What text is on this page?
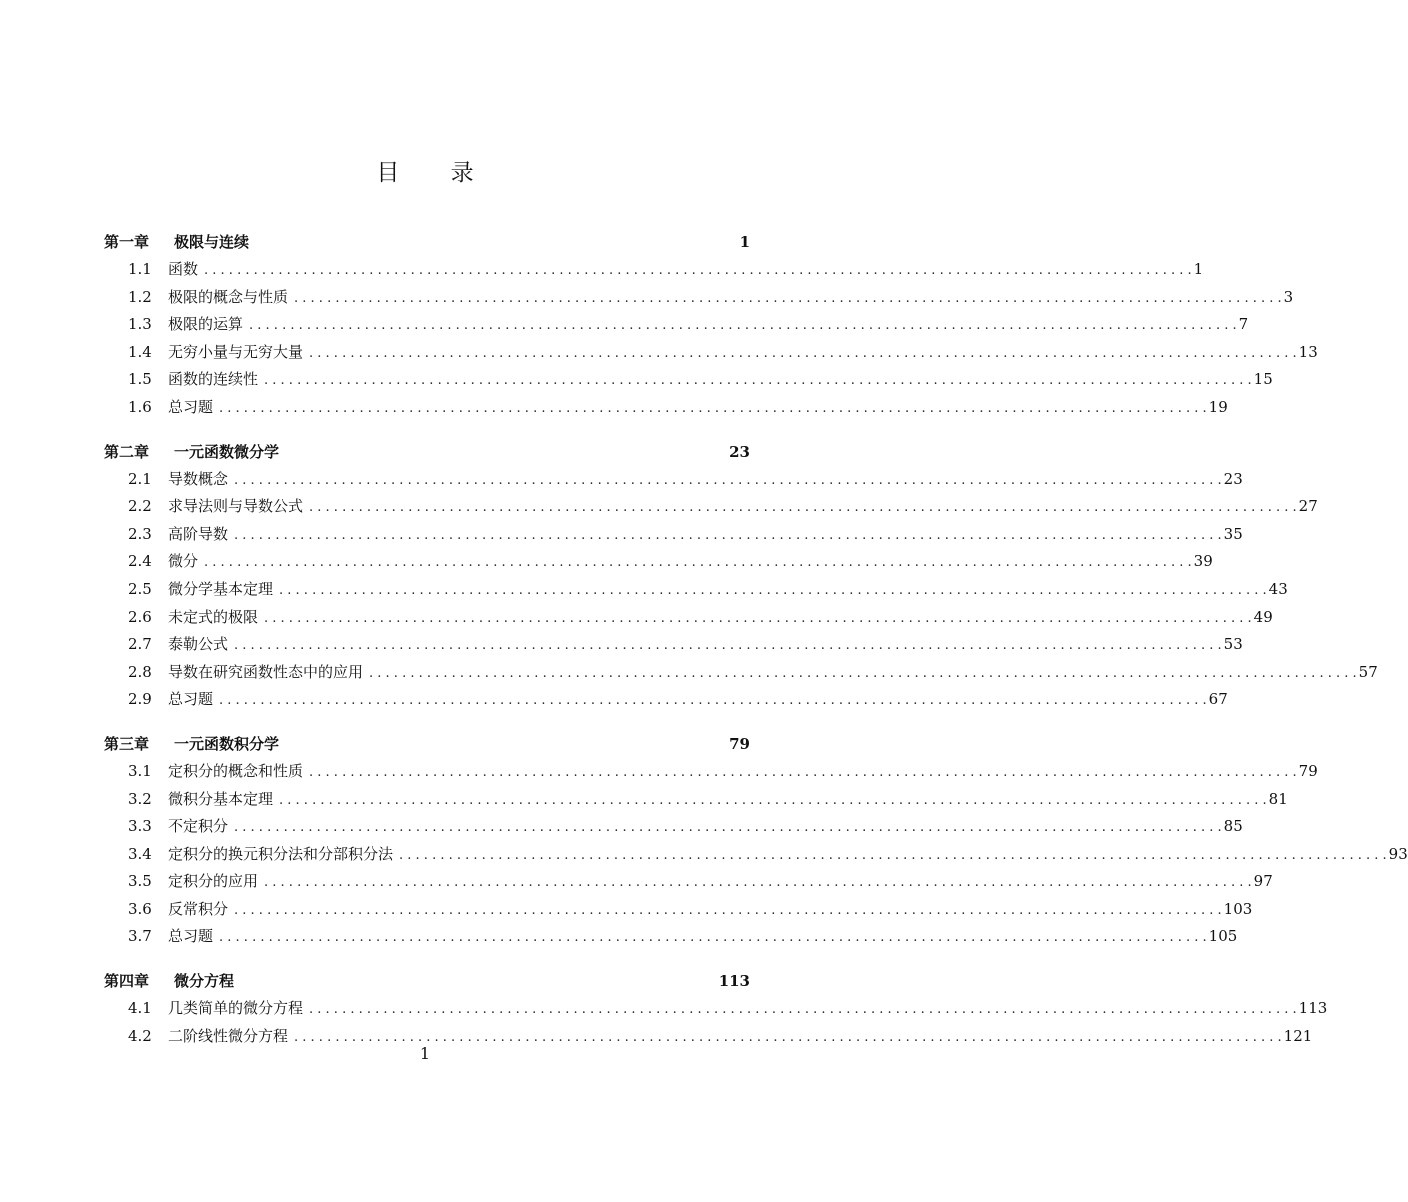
目 录
第一章	极限与连续	1
1.1	函数 . . . . . . . . . . . . . . . . . . . . . . . . . . . . . . . . . . . . . . . . . . . . . . . . . . . . . . . . . . . . . . . . . . . . . . . . . . . . . . . . . . . . . . . . . . . . . . . . . . . . . . . . . . . . . . . . . . . . . . . . 1
1.2	极限的概念与性质 . . . . . . . . . . . . . . . . . . . . . . . . . . . . . . . . . . . . . . . . . . . . . . . . . . . . . . . . . . . . . . . . . . . . . . . . . . . . . . . . . . . . . . . . . . . . . . . . . . . . . . . . . . . . . . . . . . . . . . . . 3
1.3	极限的运算 . . . . . . . . . . . . . . . . . . . . . . . . . . . . . . . . . . . . . . . . . . . . . . . . . . . . . . . . . . . . . . . . . . . . . . . . . . . . . . . . . . . . . . . . . . . . . . . . . . . . . . . . . . . . . . . . . . . . . . . . 7
1.4	无穷小量与无穷大量 . . . . . . . . . . . . . . . . . . . . . . . . . . . . . . . . . . . . . . . . . . . . . . . . . . . . . . . . . . . . . . . . . . . . . . . . . . . . . . . . . . . . . . . . . . . . . . . . . . . . . . . . . . . . . . . . . . . . . . . . 13
1.5	函数的连续性 . . . . . . . . . . . . . . . . . . . . . . . . . . . . . . . . . . . . . . . . . . . . . . . . . . . . . . . . . . . . . . . . . . . . . . . . . . . . . . . . . . . . . . . . . . . . . . . . . . . . . . . . . . . . . . . . . . . . . . . . 15
1.6	总习题 . . . . . . . . . . . . . . . . . . . . . . . . . . . . . . . . . . . . . . . . . . . . . . . . . . . . . . . . . . . . . . . . . . . . . . . . . . . . . . . . . . . . . . . . . . . . . . . . . . . . . . . . . . . . . . . . . . . . . . . . 19
第二章	一元函数微分学	23
2.1	导数概念 . . . . . . . . . . . . . . . . . . . . . . . . . . . . . . . . . . . . . . . . . . . . . . . . . . . . . . . . . . . . . . . . . . . . . . . . . . . . . . . . . . . . . . . . . . . . . . . . . . . . . . . . . . . . . . . . . . . . . . . . 23
2.2	求导法则与导数公式 . . . . . . . . . . . . . . . . . . . . . . . . . . . . . . . . . . . . . . . . . . . . . . . . . . . . . . . . . . . . . . . . . . . . . . . . . . . . . . . . . . . . . . . . . . . . . . . . . . . . . . . . . . . . . . . . . . . . . . . . 27
2.3	高阶导数 . . . . . . . . . . . . . . . . . . . . . . . . . . . . . . . . . . . . . . . . . . . . . . . . . . . . . . . . . . . . . . . . . . . . . . . . . . . . . . . . . . . . . . . . . . . . . . . . . . . . . . . . . . . . . . . . . . . . . . . . 35
2.4	微分 . . . . . . . . . . . . . . . . . . . . . . . . . . . . . . . . . . . . . . . . . . . . . . . . . . . . . . . . . . . . . . . . . . . . . . . . . . . . . . . . . . . . . . . . . . . . . . . . . . . . . . . . . . . . . . . . . . . . . . . . 39
2.5	微分学基本定理 . . . . . . . . . . . . . . . . . . . . . . . . . . . . . . . . . . . . . . . . . . . . . . . . . . . . . . . . . . . . . . . . . . . . . . . . . . . . . . . . . . . . . . . . . . . . . . . . . . . . . . . . . . . . . . . . . . . . . . . . 43
2.6	未定式的极限 . . . . . . . . . . . . . . . . . . . . . . . . . . . . . . . . . . . . . . . . . . . . . . . . . . . . . . . . . . . . . . . . . . . . . . . . . . . . . . . . . . . . . . . . . . . . . . . . . . . . . . . . . . . . . . . . . . . . . . . . 49
2.7	泰勒公式 . . . . . . . . . . . . . . . . . . . . . . . . . . . . . . . . . . . . . . . . . . . . . . . . . . . . . . . . . . . . . . . . . . . . . . . . . . . . . . . . . . . . . . . . . . . . . . . . . . . . . . . . . . . . . . . . . . . . . . . . 53
2.8	导数在研究函数性态中的应用 . . . . . . . . . . . . . . . . . . . . . . . . . . . . . . . . . . . . . . . . . . . . . . . . . . . . . . . . . . . . . . . . . . . . . . . . . . . . . . . . . . . . . . . . . . . . . . . . . . . . . . . . . . . . . . . . . . . . . . . . 57
2.9	总习题 . . . . . . . . . . . . . . . . . . . . . . . . . . . . . . . . . . . . . . . . . . . . . . . . . . . . . . . . . . . . . . . . . . . . . . . . . . . . . . . . . . . . . . . . . . . . . . . . . . . . . . . . . . . . . . . . . . . . . . . . 67
第三章	一元函数积分学	79
3.1	定积分的概念和性质 . . . . . . . . . . . . . . . . . . . . . . . . . . . . . . . . . . . . . . . . . . . . . . . . . . . . . . . . . . . . . . . . . . . . . . . . . . . . . . . . . . . . . . . . . . . . . . . . . . . . . . . . . . . . . . . . . . . . . . . . 79
3.2	微积分基本定理 . . . . . . . . . . . . . . . . . . . . . . . . . . . . . . . . . . . . . . . . . . . . . . . . . . . . . . . . . . . . . . . . . . . . . . . . . . . . . . . . . . . . . . . . . . . . . . . . . . . . . . . . . . . . . . . . . . . . . . . . 81
3.3	不定积分 . . . . . . . . . . . . . . . . . . . . . . . . . . . . . . . . . . . . . . . . . . . . . . . . . . . . . . . . . . . . . . . . . . . . . . . . . . . . . . . . . . . . . . . . . . . . . . . . . . . . . . . . . . . . . . . . . . . . . . . . 85
3.4	定积分的换元积分法和分部积分法 . . . . . . . . . . . . . . . . . . . . . . . . . . . . . . . . . . . . . . . . . . . . . . . . . . . . . . . . . . . . . . . . . . . . . . . . . . . . . . . . . . . . . . . . . . . . . . . . . . . . . . . . . . . . . . . . . . . . . . . . 93
3.5	定积分的应用 . . . . . . . . . . . . . . . . . . . . . . . . . . . . . . . . . . . . . . . . . . . . . . . . . . . . . . . . . . . . . . . . . . . . . . . . . . . . . . . . . . . . . . . . . . . . . . . . . . . . . . . . . . . . . . . . . . . . . . . . 97
3.6	反常积分 . . . . . . . . . . . . . . . . . . . . . . . . . . . . . . . . . . . . . . . . . . . . . . . . . . . . . . . . . . . . . . . . . . . . . . . . . . . . . . . . . . . . . . . . . . . . . . . . . . . . . . . . . . . . . . . . . . . . . . . . 103
3.7	总习题 . . . . . . . . . . . . . . . . . . . . . . . . . . . . . . . . . . . . . . . . . . . . . . . . . . . . . . . . . . . . . . . . . . . . . . . . . . . . . . . . . . . . . . . . . . . . . . . . . . . . . . . . . . . . . . . . . . . . . . . . 105
第四章	微分方程	113
4.1	几类简单的微分方程 . . . . . . . . . . . . . . . . . . . . . . . . . . . . . . . . . . . . . . . . . . . . . . . . . . . . . . . . . . . . . . . . . . . . . . . . . . . . . . . . . . . . . . . . . . . . . . . . . . . . . . . . . . . . . . . . . . . . . . . . 113
4.2	二阶线性微分方程 . . . . . . . . . . . . . . . . . . . . . . . . . . . . . . . . . . . . . . . . . . . . . . . . . . . . . . . . . . . . . . . . . . . . . . . . . . . . . . . . . . . . . . . . . . . . . . . . . . . . . . . . . . . . . . . . . . . . . . . . 121
1
